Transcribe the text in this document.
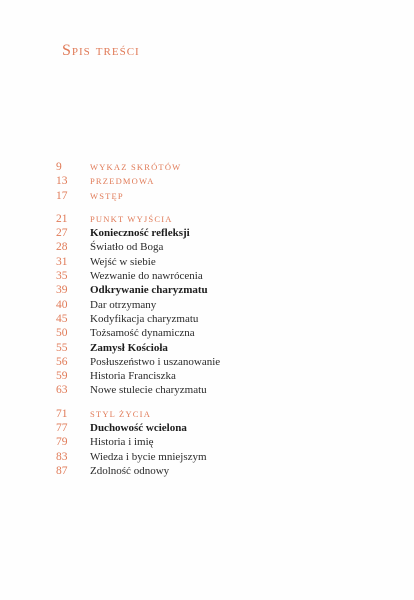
Spis treści
9	WYKAZ SKRÓTÓW
13	PRZEDMOWA
17	WSTĘP
21	PUNKT WYJŚCIA
27	Konieczność refleksji
28	Światło od Boga
31	Wejść w siebie
35	Wezwanie do nawrócenia
39	Odkrywanie charyzmatu
40	Dar otrzymany
45	Kodyfikacja charyzmatu
50	Tożsamość dynamiczna
55	Zamysł Kościoła
56	Posłuszeństwo i uszanowanie
59	Historia Franciszka
63	Nowe stulecie charyzmatu
71	STYL ŻYCIA
77	Duchowość wcielona
79	Historia i imię
83	Wiedza i bycie mniejszym
87	Zdolność odnowy
